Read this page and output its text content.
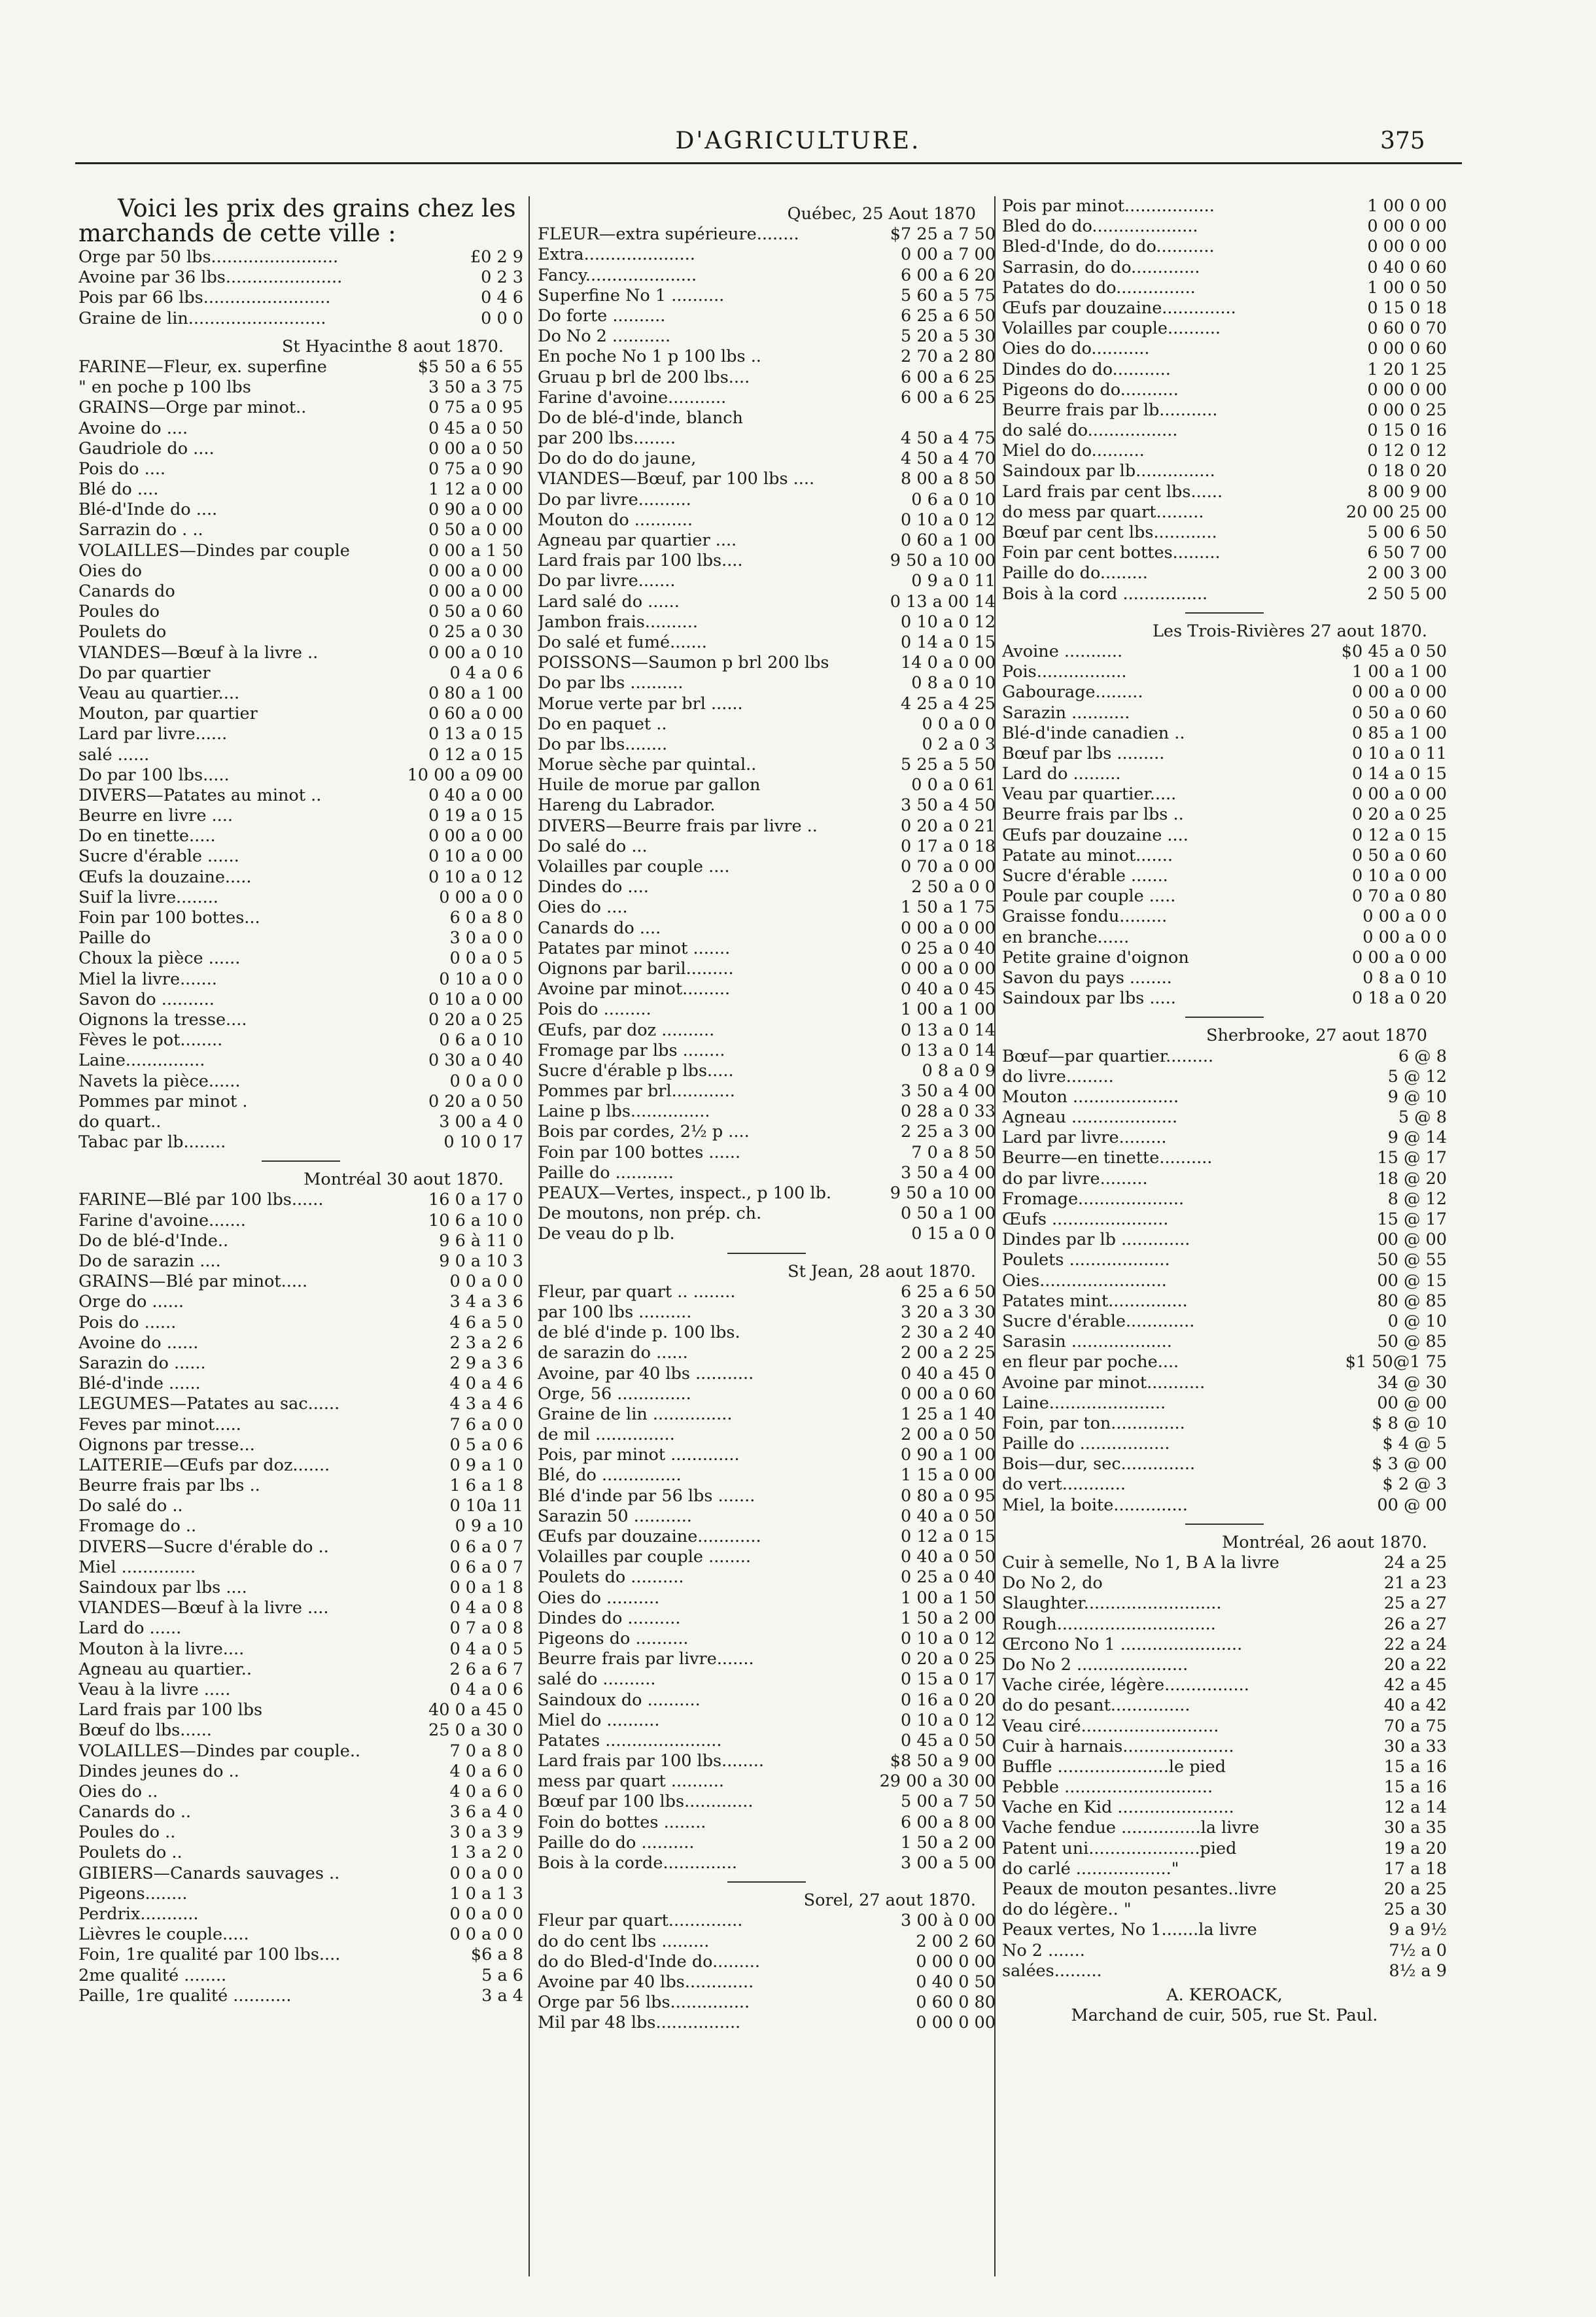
D'AGRICULTURE.	375
Voici les prix des grains chez les
marchands de cette ville :
Orge par 50 lbs........................	£0 2 9
Avoine par 36 lbs......................	0 2 3
Pois par 66 lbs........................	0 4 6
Graine de lin..........................	0 0 0
St Hyacinthe 8 aout 1870.
FARINE—Fleur, ex. superfine	$5 50 a 6 55
" en poche p 100 lbs	3 50 a 3 75
GRAINS—Orge par minot..	0 75 a 0 95
Avoine do ....	0 45 a 0 50
Gaudriole do ....	0 00 a 0 50
Pois do ....	0 75 a 0 90
Blé do ....	1 12 a 0 00
Blé-d'Inde do ....	0 90 a 0 00
Sarrazin do . ..	0 50 a 0 00
VOLAILLES—Dindes par couple	0 00 a 1 50
Oies do	0 00 a 0 00
Canards do	0 00 a 0 00
Poules do	0 50 a 0 60
Poulets do	0 25 a 0 30
VIANDES—Bœuf à la livre ..	0 00 a 0 10
Do par quartier	0 4 a 0 6
Veau au quartier....	0 80 a 1 00
Mouton, par quartier	0 60 a 0 00
Lard par livre......	0 13 a 0 15
salé ......	0 12 a 0 15
Do par 100 lbs.....	10 00 a 09 00
DIVERS—Patates au minot ..	0 40 a 0 00
Beurre en livre ....	0 19 a 0 15
Do en tinette.....	0 00 a 0 00
Sucre d'érable ......	0 10 a 0 00
Œufs la douzaine.....	0 10 a 0 12
Suif la livre........	0 00 a 0 0
Foin par 100 bottes...	6 0 a 8 0
Paille do	3 0 a 0 0
Choux la pièce ......	0 0 a 0 5
Miel la livre.......	0 10 a 0 0
Savon do ..........	0 10 a 0 00
Oignons la tresse....	0 20 a 0 25
Fèves le pot........	0 6 a 0 10
Laine...............	0 30 a 0 40
Navets la pièce......	0 0 a 0 0
Pommes par minot .	0 20 a 0 50
do quart..	3 00 a 4 0
Tabac par lb........	0 10 0 17
Montréal 30 aout 1870.
FARINE—Blé par 100 lbs......	16 0 a 17 0
Farine d'avoine.......	10 6 a 10 0
Do de blé-d'Inde..	9 6 à 11 0
Do de sarazin ....	9 0 a 10 3
GRAINS—Blé par minot.....	0 0 a 0 0
Orge do ......	3 4 a 3 6
Pois do ......	4 6 a 5 0
Avoine do ......	2 3 a 2 6
Sarazin do ......	2 9 a 3 6
Blé-d'inde ......	4 0 a 4 6
LEGUMES—Patates au sac......	4 3 a 4 6
Feves par minot.....	7 6 a 0 0
Oignons par tresse...	0 5 a 0 6
LAITERIE—Œufs par doz.......	0 9 a 1 0
Beurre frais par lbs ..	1 6 a 1 8
Do salé do ..	0 10a 11
Fromage do ..	0 9 a 10
DIVERS—Sucre d'érable do ..	0 6 a 0 7
Miel ..............	0 6 a 0 7
Saindoux par lbs ....	0 0 a 1 8
VIANDES—Bœuf à la livre ....	0 4 a 0 8
Lard do ......	0 7 a 0 8
Mouton à la livre....	0 4 a 0 5
Agneau au quartier..	2 6 a 6 7
Veau à la livre .....	0 4 a 0 6
Lard frais par 100 lbs	40 0 a 45 0
Bœuf do lbs......	25 0 a 30 0
VOLAILLES—Dindes par couple..	7 0 a 8 0
Dindes jeunes do ..	4 0 a 6 0
Oies do ..	4 0 a 6 0
Canards do ..	3 6 a 4 0
Poules do ..	3 0 a 3 9
Poulets do ..	1 3 a 2 0
GIBIERS—Canards sauvages ..	0 0 a 0 0
Pigeons........	1 0 a 1 3
Perdrix...........	0 0 a 0 0
Lièvres le couple.....	0 0 a 0 0
Foin, 1re qualité par 100 lbs....	$6 a 8
2me qualité ........	5 a 6
Paille, 1re qualité ...........	3 a 4
Québec, 25 Aout 1870
FLEUR—extra supérieure........	$7 25 a 7 50
Extra.....................	0 00 a 7 00
Fancy.....................	6 00 a 6 20
Superfine No 1 ..........	5 60 a 5 75
Do forte ..........	6 25 a 6 50
Do No 2 ...........	5 20 a 5 30
En poche No 1 p 100 lbs ..	2 70 a 2 80
Gruau p brl de 200 lbs....	6 00 a 6 25
Farine d'avoine...........	6 00 a 6 25
Do de blé-d'inde, blanch
par 200 lbs........	4 50 a 4 75
Do do do do jaune,	4 50 a 4 70
VIANDES—Bœuf, par 100 lbs ....	8 00 a 8 50
Do par livre..........	0 6 a 0 10
Mouton do ...........	0 10 a 0 12
Agneau par quartier ....	0 60 a 1 00
Lard frais par 100 lbs....	9 50 a 10 00
Do par livre.......	0 9 a 0 11
Lard salé do ......	0 13 a 00 14
Jambon frais..........	0 10 a 0 12
Do salé et fumé.......	0 14 a 0 15
POISSONS—Saumon p brl 200 lbs	14 0 a 0 00
Do par lbs ..........	0 8 a 0 10
Morue verte par brl ......	4 25 a 4 25
Do en paquet ..	0 0 a 0 0
Do par lbs........	0 2 a 0 3
Morue sèche par quintal..	5 25 a 5 50
Huile de morue par gallon	0 0 a 0 61
Hareng du Labrador.	3 50 a 4 50
DIVERS—Beurre frais par livre ..	0 20 a 0 21
Do salé do ...	0 17 a 0 18
Volailles par couple ....	0 70 a 0 00
Dindes do ....	2 50 a 0 0
Oies do ....	1 50 a 1 75
Canards do ....	0 00 a 0 00
Patates par minot .......	0 25 a 0 40
Oignons par baril.........	0 00 a 0 00
Avoine par minot.........	0 40 a 0 45
Pois do .........	1 00 a 1 00
Œufs, par doz ..........	0 13 a 0 14
Fromage par lbs ........	0 13 a 0 14
Sucre d'érable p lbs.....	0 8 a 0 9
Pommes par brl............	3 50 a 4 00
Laine p lbs...............	0 28 a 0 33
Bois par cordes, 2½ p ....	2 25 a 3 00
Foin par 100 bottes ......	7 0 a 8 50
Paille do ...........	3 50 a 4 00
PEAUX—Vertes, inspect., p 100 lb.	9 50 a 10 00
De moutons, non prép. ch.	0 50 a 1 00
De veau do p lb.	0 15 a 0 0
St Jean, 28 aout 1870.
Fleur, par quart .. ........	6 25 a 6 50
par 100 lbs ..........	3 20 a 3 30
de blé d'inde p. 100 lbs.	2 30 a 2 40
de sarazin do ......	2 00 a 2 25
Avoine, par 40 lbs ...........	0 40 a 45 0
Orge, 56 ..............	0 00 a 0 60
Graine de lin ...............	1 25 a 1 40
de mil ...............	2 00 a 0 50
Pois, par minot .............	0 90 a 1 00
Blé, do ...............	1 15 a 0 00
Blé d'inde par 56 lbs .......	0 80 a 0 95
Sarazin 50 ...........	0 40 a 0 50
Œufs par douzaine............	0 12 a 0 15
Volailles par couple ........	0 40 a 0 50
Poulets do ..........	0 25 a 0 40
Oies do ..........	1 00 a 1 50
Dindes do ..........	1 50 a 2 00
Pigeons do ..........	0 10 a 0 12
Beurre frais par livre.......	0 20 a 0 25
salé do ..........	0 15 a 0 17
Saindoux do ..........	0 16 a 0 20
Miel do ..........	0 10 a 0 12
Patates ......................	0 45 a 0 50
Lard frais par 100 lbs........	$8 50 a 9 00
mess par quart ..........	29 00 a 30 00
Bœuf par 100 lbs.............	5 00 a 7 50
Foin do bottes ........	6 00 a 8 00
Paille do do ..........	1 50 a 2 00
Bois à la corde..............	3 00 a 5 00
Sorel, 27 aout 1870.
Fleur par quart..............	3 00 à 0 00
do do cent lbs .........	2 00 2 60
do do Bled-d'Inde do.........	0 00 0 00
Avoine par 40 lbs.............	0 40 0 50
Orge par 56 lbs...............	0 60 0 80
Mil par 48 lbs................	0 00 0 00
Pois par minot.................	1 00 0 00
Bled do do....................	0 00 0 00
Bled-d'Inde, do do...........	0 00 0 00
Sarrasin, do do.............	0 40 0 60
Patates do do...............	1 00 0 50
Œufs par douzaine..............	0 15 0 18
Volailles par couple..........	0 60 0 70
Oies do do...........	0 00 0 60
Dindes do do...........	1 20 1 25
Pigeons do do...........	0 00 0 00
Beurre frais par lb...........	0 00 0 25
do salé do.................	0 15 0 16
Miel do do..........	0 12 0 12
Saindoux par lb...............	0 18 0 20
Lard frais par cent lbs......	8 00 9 00
do mess par quart.........	20 00 25 00
Bœuf par cent lbs............	5 00 6 50
Foin par cent bottes.........	6 50 7 00
Paille do do.........	2 00 3 00
Bois à la cord ................	2 50 5 00
Les Trois-Rivières 27 aout 1870.
Avoine ...........	$0 45 a 0 50
Pois.................	1 00 a 1 00
Gabourage.........	0 00 a 0 00
Sarazin ...........	0 50 a 0 60
Blé-d'inde canadien ..	0 85 a 1 00
Bœuf par lbs .........	0 10 a 0 11
Lard do .........	0 14 a 0 15
Veau par quartier.....	0 00 a 0 00
Beurre frais par lbs ..	0 20 a 0 25
Œufs par douzaine ....	0 12 a 0 15
Patate au minot.......	0 50 a 0 60
Sucre d'érable .......	0 10 a 0 00
Poule par couple .....	0 70 a 0 80
Graisse fondu.........	0 00 a 0 0
en branche......	0 00 a 0 0
Petite graine d'oignon	0 00 a 0 00
Savon du pays ........	0 8 a 0 10
Saindoux par lbs .....	0 18 a 0 20
Sherbrooke, 27 aout 1870
Bœuf—par quartier.........	6 @ 8
do livre.........	5 @ 12
Mouton ....................	9 @ 10
Agneau ....................	5 @ 8
Lard par livre.........	9 @ 14
Beurre—en tinette..........	15 @ 17
do par livre.........	18 @ 20
Fromage....................	8 @ 12
Œufs ......................	15 @ 17
Dindes par lb .............	00 @ 00
Poulets ...................	50 @ 55
Oies........................	00 @ 15
Patates mint...............	80 @ 85
Sucre d'érable.............	0 @ 10
Sarasin ...................	50 @ 85
en fleur par poche....	$1 50@1 75
Avoine par minot...........	34 @ 30
Laine......................	00 @ 00
Foin, par ton..............	$ 8 @ 10
Paille do .................	$ 4 @ 5
Bois—dur, sec..............	$ 3 @ 00
do vert............	$ 2 @ 3
Miel, la boite..............	00 @ 00
Montréal, 26 aout 1870.
Cuir à semelle, No 1, B A la livre	24 a 25
Do No 2, do	21 a 23
Slaughter..........................	25 a 27
Rough..............................	26 a 27
Œrcono No 1 .......................	22 a 24
Do No 2 .....................	20 a 22
Vache cirée, légère................	42 a 45
do do pesant...............	40 a 42
Veau ciré..........................	70 a 75
Cuir à harnais.....................	30 a 33
Buffle .....................le pied	15 a 16
Pebble ............................	15 a 16
Vache en Kid ......................	12 a 14
Vache fendue ...............la livre	30 a 35
Patent uni.....................pied	19 a 20
do carlé .................."	17 a 18
Peaux de mouton pesantes..livre	20 a 25
do do légère.. "	25 a 30
Peaux vertes, No 1.......la livre	9 a 9½
No 2 .......	7½ a 0
salées.........	8½ a 9
A. KEROACK,
Marchand de cuir, 505, rue St. Paul.
